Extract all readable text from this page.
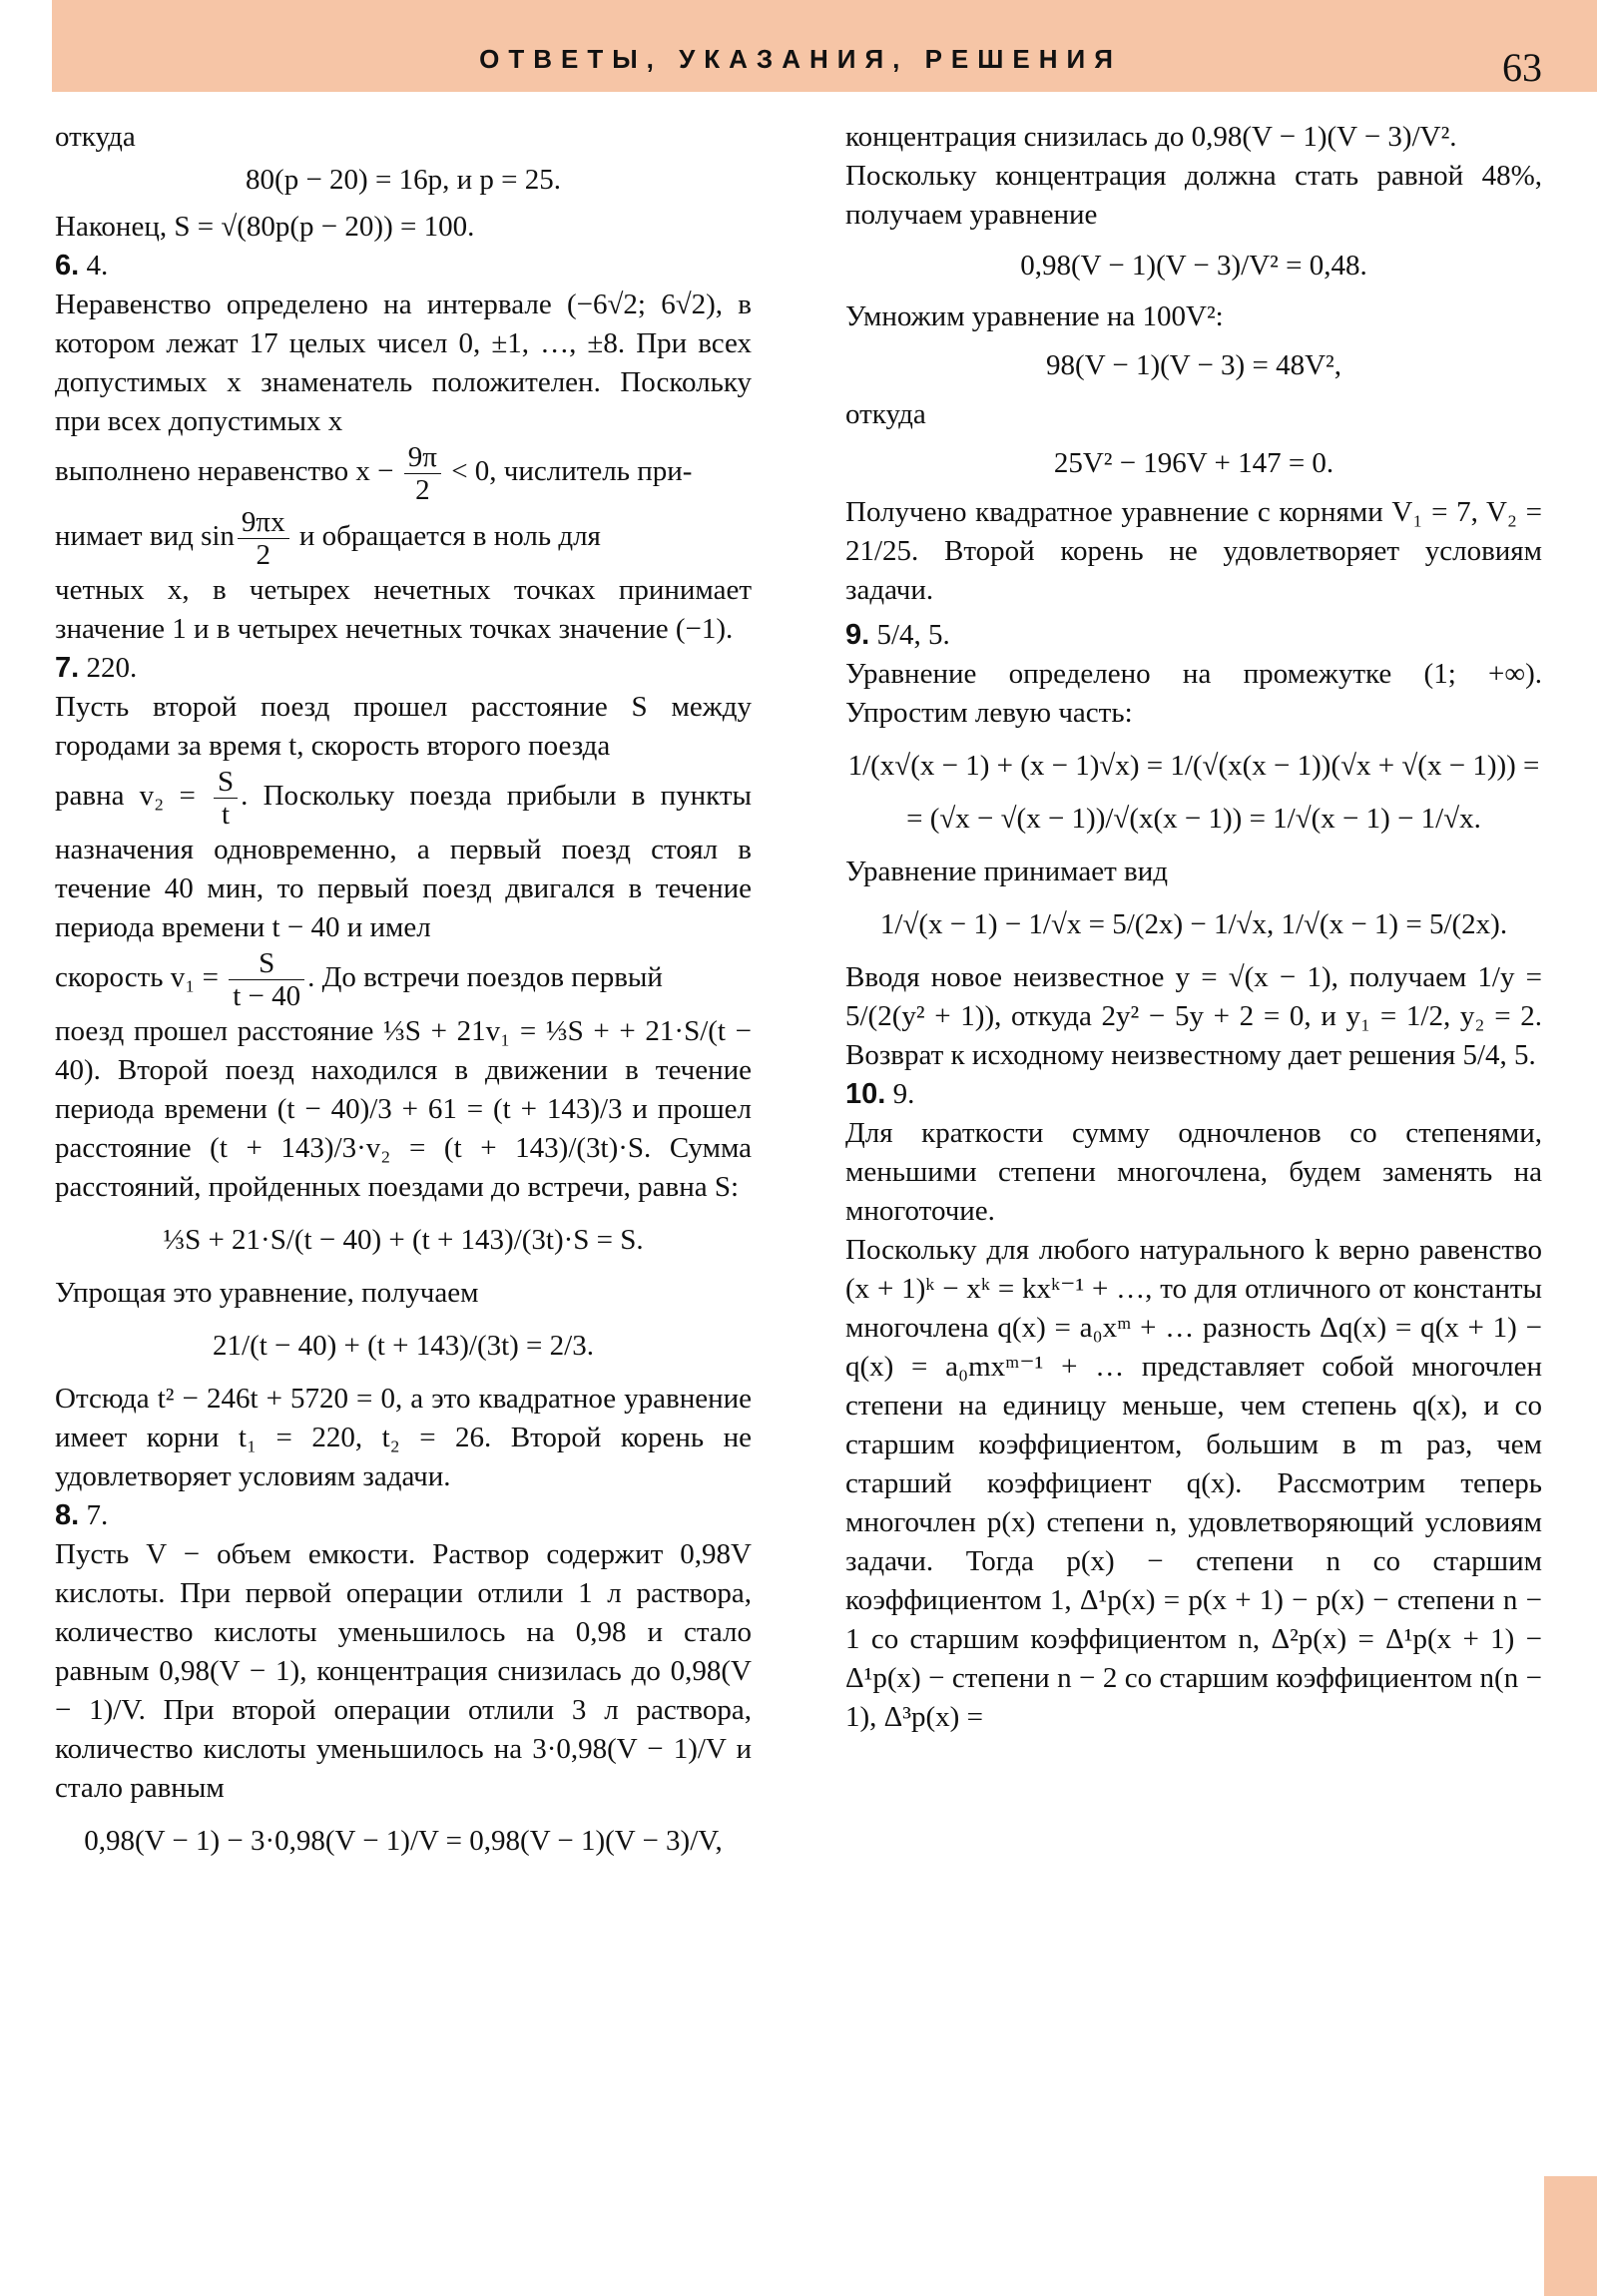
ОТВЕТЫ, УКАЗАНИЯ, РЕШЕНИЯ	63

откуда

80(p − 20) = 16p, и p = 25.

Наконец, S = √(80p(p − 20)) = 100.

6. 4.

Неравенство определено на интервале (−6√2; 6√2), в котором лежат 17 целых чисел 0, ±1, …, ±8. При всех допустимых x знаменатель положителен. Поскольку при всех допустимых x

выполнено неравенство $x - \frac{9\pi}{2} < 0$, числитель при-

нимает вид $\sin \frac{9\pi x}{2}$ и обращается в ноль для

четных x, в четырех нечетных точках принимает значение 1 и в четырех нечетных точках значение (−1).

7. 220.

Пусть второй поезд прошел расстояние S между городами за время t, скорость второго поезда

равна $v_2 = \frac{S}{t}$ . Поскольку поезда прибыли в пункты назначения одновременно, а первый поезд стоял в течение 40 мин, то первый поезд двигался в течение периода времени t − 40 и имел

скорость $v_1 = \frac{S}{t - 40}$ . До встречи поездов первый

поезд прошел расстояние ⅓S + 21v₁ = ⅓S + + 21·S/(t − 40). Второй поезд находился в движении в течение периода времени (t − 40)/3 + 61 = (t + 143)/3 и прошел расстояние (t + 143)/3·v₂ = (t + 143)/(3t)·S. Сумма расстояний, пройденных поездами до встречи, равна S:

⅓S + 21·S/(t − 40) + (t + 143)/(3t)·S = S.

Упрощая это уравнение, получаем

21/(t − 40) + (t + 143)/(3t) = 2/3.

Отсюда t² − 246t + 5720 = 0, а это квадратное уравнение имеет корни t₁ = 220, t₂ = 26. Второй корень не удовлетворяет условиям задачи.

8. 7.

Пусть V − объем емкости. Раствор содержит 0,98V кислоты. При первой операции отлили 1 л раствора, количество кислоты уменьшилось на 0,98 и стало равным 0,98(V − 1), концентрация снизилась до 0,98(V − 1)/V. При второй операции отлили 3 л раствора, количество кислоты уменьшилось на 3·0,98(V − 1)/V и стало равным

0,98(V − 1) − 3·0,98(V − 1)/V = 0,98(V − 1)(V − 3)/V,

концентрация снизилась до 0,98(V − 1)(V − 3)/V².

Поскольку концентрация должна стать равной 48%, получаем уравнение

0,98(V − 1)(V − 3)/V² = 0,48.

Умножим уравнение на 100V²:

98(V − 1)(V − 3) = 48V²,

откуда

25V² − 196V + 147 = 0.

Получено квадратное уравнение с корнями V₁ = 7, V₂ = 21/25. Второй корень не удовлетворяет условиям задачи.

9. 5/4, 5.

Уравнение определено на промежутке (1; +∞). Упростим левую часть:

1/(x√(x − 1) + (x − 1)√x) = 1/(√(x(x − 1))(√x + √(x − 1))) =

= (√x − √(x − 1))/√(x(x − 1)) = 1/√(x − 1) − 1/√x.

Уравнение принимает вид

1/√(x − 1) − 1/√x = 5/(2x) − 1/√x, 1/√(x − 1) = 5/(2x).

Вводя новое неизвестное y = √(x − 1), получаем 1/y = 5/(2(y² + 1)), откуда 2y² − 5y + 2 = 0, и y₁ = 1/2, y₂ = 2. Возврат к исходному неизвестному дает решения 5/4, 5.

10. 9.

Для краткости сумму одночленов со степенями, меньшими степени многочлена, будем заменять на многоточие.

Поскольку для любого натурального k верно равенство (x + 1)ᵏ − xᵏ = kxᵏ⁻¹ + …, то для отличного от константы многочлена q(x) = a₀xᵐ + … разность Δq(x) = q(x + 1) − q(x) = a₀mxᵐ⁻¹ + … представляет собой многочлен степени на единицу меньше, чем степень q(x), и со старшим коэффициентом, большим в m раз, чем старший коэффициент q(x). Рассмотрим теперь многочлен p(x) степени n, удовлетворяющий условиям задачи. Тогда p(x) − степени n со старшим коэффициентом 1, Δ¹p(x) = p(x + 1) − p(x) − степени n − 1 со старшим коэффициентом n, Δ²p(x) = Δ¹p(x + 1) − Δ¹p(x) − степени n − 2 со старшим коэффициентом n(n − 1), Δ³p(x) =
